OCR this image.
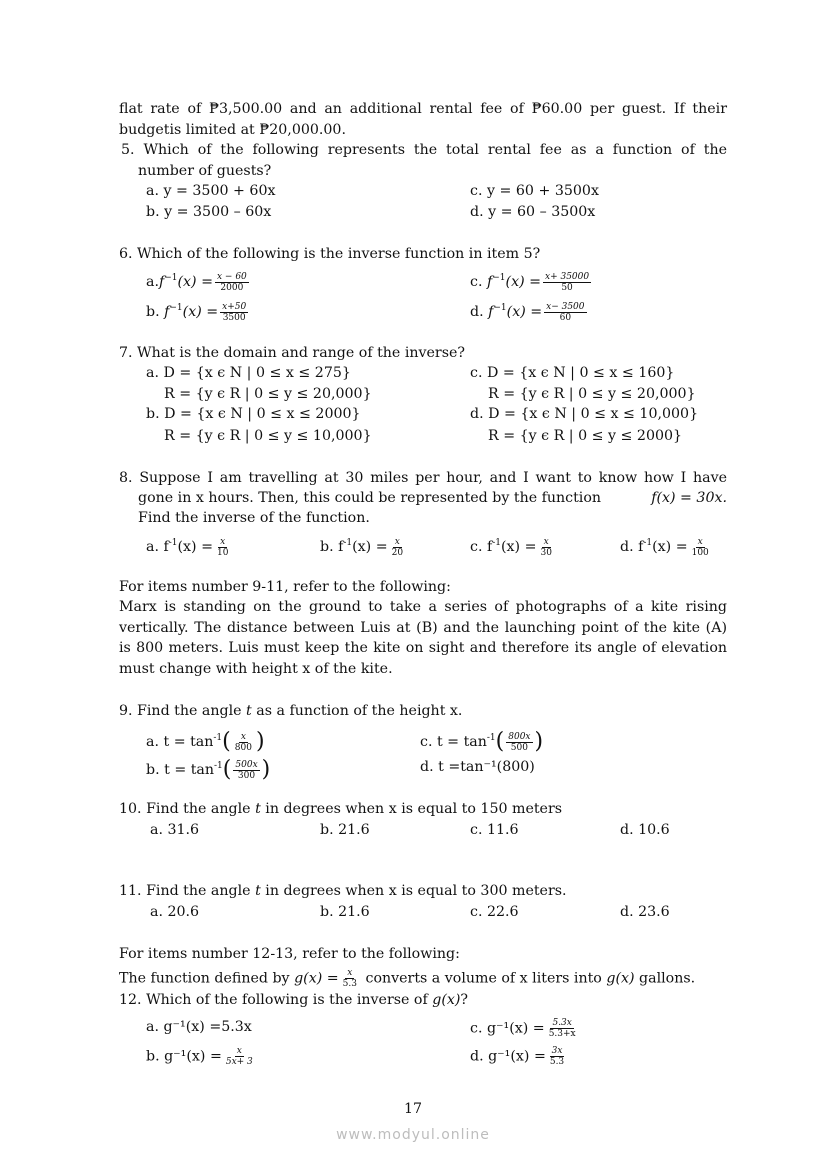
flat rate of ₱3,500.00 and an additional rental fee of ₱60.00 per guest. If their
budgetis limited at ₱20,000.00.
5. Which of the following represents the total rental fee as a function of the
number of guests?
a. y = 3500 + 60x	c. y = 60 + 3500x
b. y = 3500 – 60x	d. y = 60 – 3500x
6. Which of the following is the inverse function in item 5?
$a.f^{-1}(x) = \frac{x - 60}{2000}$	c. $f^{-1}(x) = \frac{x+ 35000}{50}$
b. $f^{-1}(x) = \frac{x+50}{3500}$	d. $f^{-1}(x) = \frac{x- 3500}{60}$
7. What is the domain and range of the inverse?
a. D = {x ϵ N | 0 ≤ x ≤ 275}
R = {y ϵ R | 0 ≤ y ≤ 20,000}
b. D = {x ϵ N | 0 ≤ x ≤ 2000}
R = {y ϵ R | 0 ≤ y ≤ 10,000}
c. D = {x ϵ N | 0 ≤ x ≤ 160}
R = {y ϵ R | 0 ≤ y ≤ 20,000}
d. D = {x ϵ N | 0 ≤ x ≤ 10,000}
R = {y ϵ R | 0 ≤ y ≤ 2000}
8. Suppose I am travelling at 30 miles per hour, and I want to know how I have
gone in x hours. Then, this could be represented by the function	f(x) = 30x.
Find the inverse of the function.
a. $f^{-1}(x) = \frac{x}{10}$	b. $f^{-1}(x) = \frac{x}{20}$	c. $f^{-1}(x) = \frac{x}{30}$	d. $f^{-1}(x) = \frac{x}{100}$
For items number 9-11, refer to the following:
Marx is standing on the ground to take a series of photographs of a kite rising
vertically. The distance between Luis at (B) and the launching point of the kite (A)
is 800 meters. Luis must keep the kite on sight and therefore its angle of elevation
must change with height x of the kite.
9. Find the angle t as a function of the height x.
a. $t = \tan^{-1}( \frac{x}{800}$ )
b. $t = \tan^{-1}( \frac{500x}{300}$ )
c. $t = \tan^{-1}( \frac{800x}{500}$ )
d. t =tan⁻¹(800)
10. Find the angle t in degrees when x is equal to 150 meters
a. 31.6	b. 21.6	c. 11.6	d. 10.6
11. Find the angle t in degrees when x is equal to 300 meters.
a. 20.6	b. 21.6	c. 22.6	d. 23.6
For items number 12-13, refer to the following:
The function defined by $g(x) = \frac{x}{5.3}$ converts a volume of x liters into g(x) gallons.
12. Which of the following is the inverse of g(x)?
a. g⁻¹(x) =5.3x
b. $g^{-1}(x) = \frac{x}{5x+ 3}$
c. $g^{-1}(x) = \frac{5.3x}{5.3+x}$
d. $g^{-1}(x) = \frac{3x}{5.3}$
17
www.modyul.online
